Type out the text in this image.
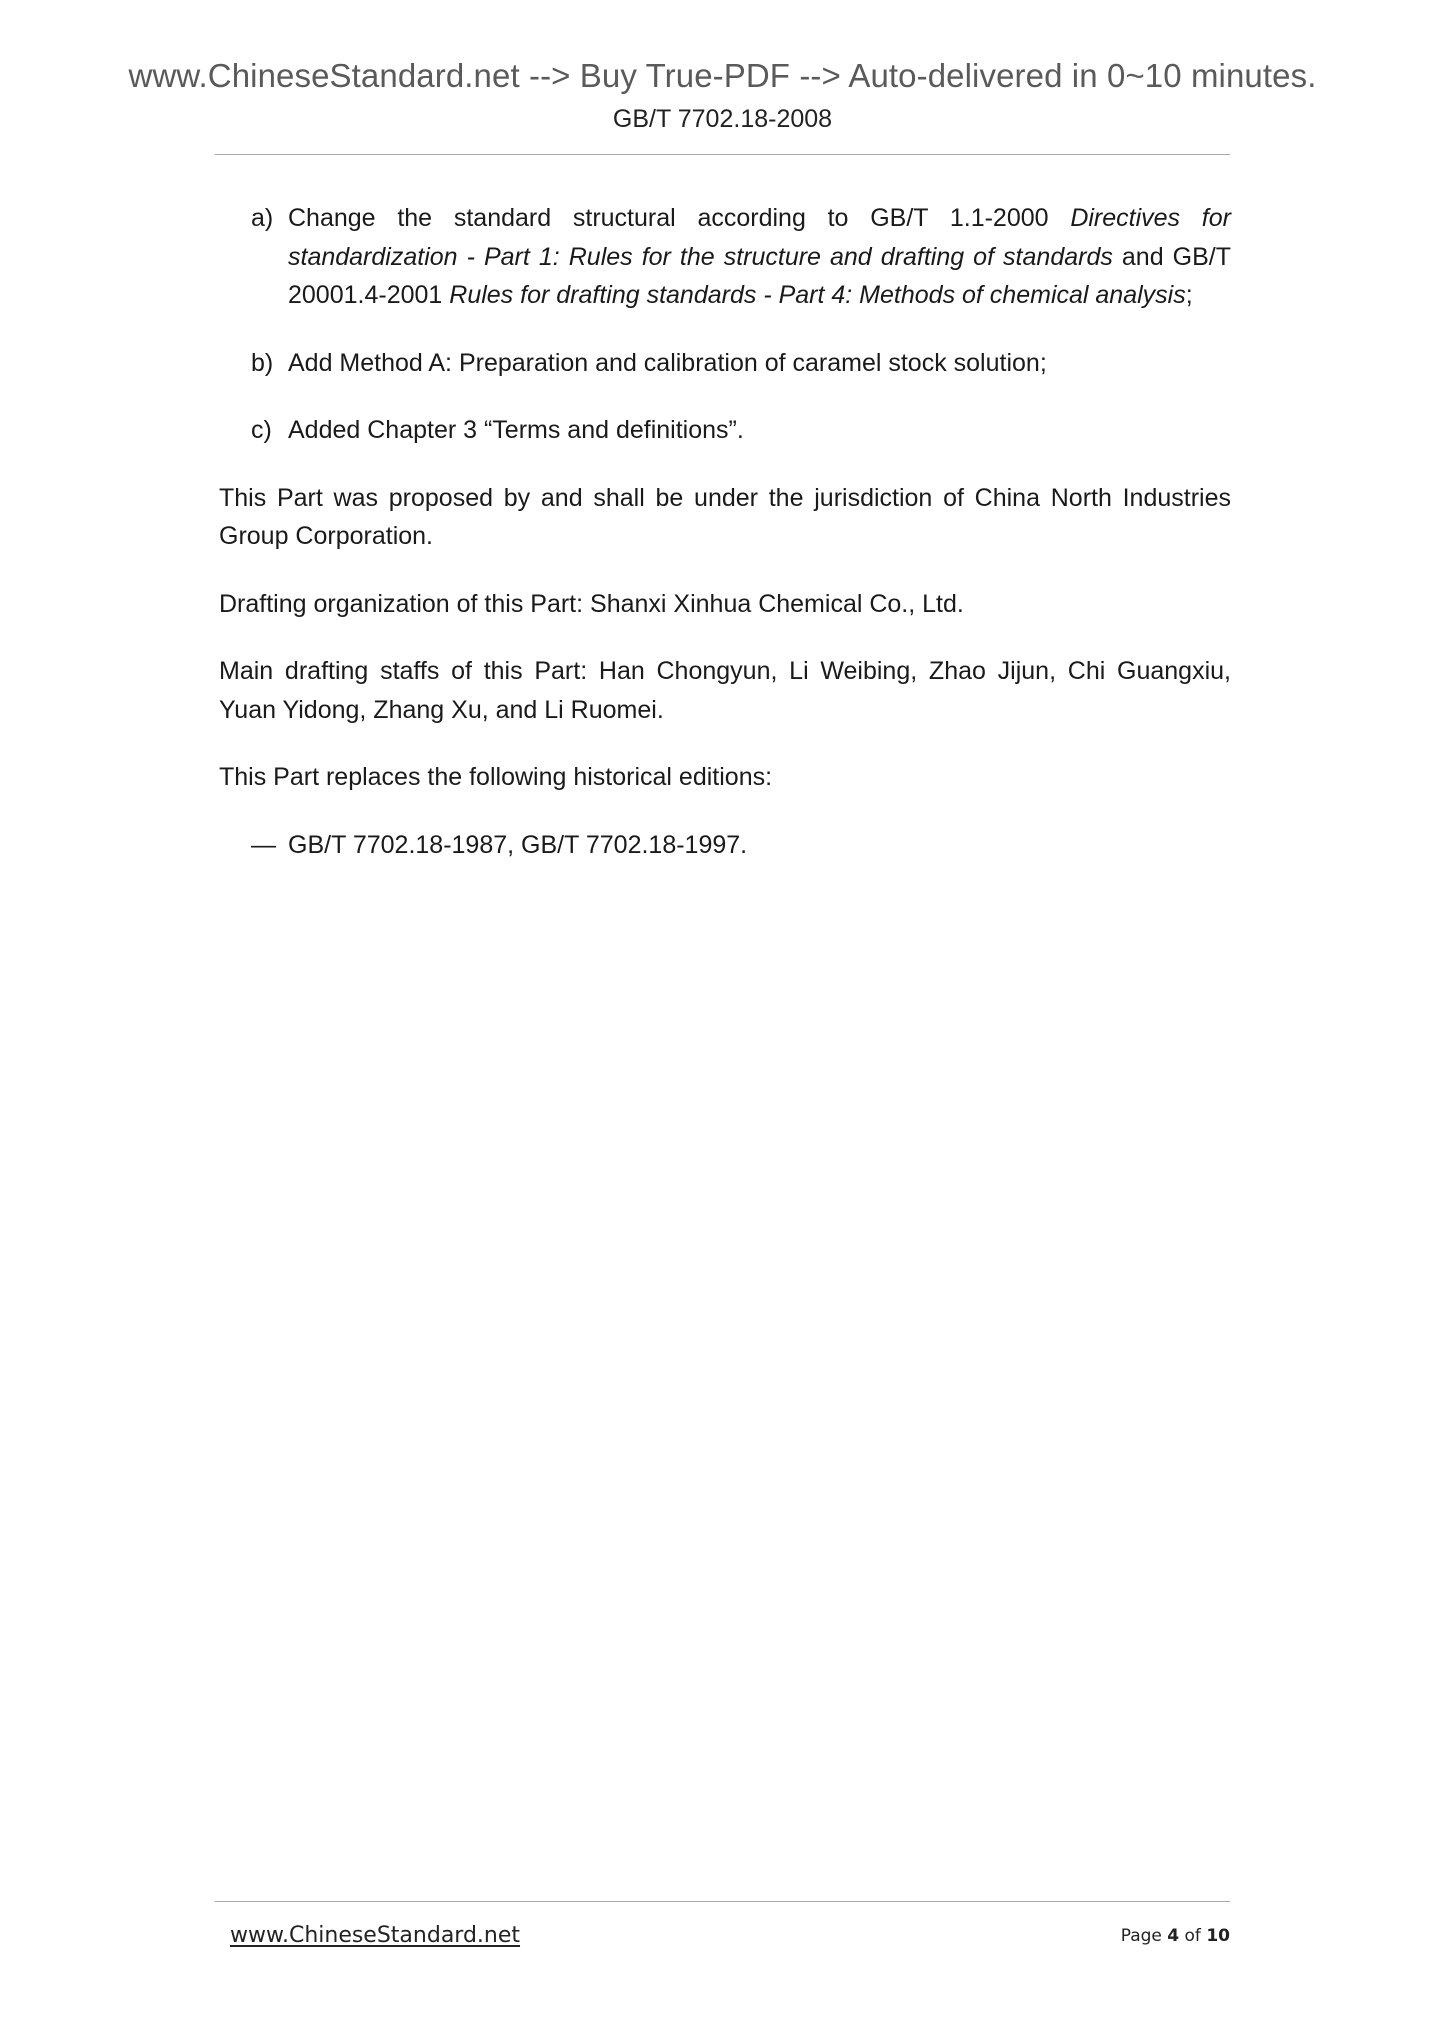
www.ChineseStandard.net --> Buy True-PDF --> Auto-delivered in 0~10 minutes.
GB/T 7702.18-2008
a) Change the standard structural according to GB/T 1.1-2000 Directives for standardization - Part 1: Rules for the structure and drafting of standards and GB/T 20001.4-2001 Rules for drafting standards - Part 4: Methods of chemical analysis;
b) Add Method A: Preparation and calibration of caramel stock solution;
c) Added Chapter 3 “Terms and definitions”.
This Part was proposed by and shall be under the jurisdiction of China North Industries Group Corporation.
Drafting organization of this Part: Shanxi Xinhua Chemical Co., Ltd.
Main drafting staffs of this Part: Han Chongyun, Li Weibing, Zhao Jijun, Chi Guangxiu, Yuan Yidong, Zhang Xu, and Li Ruomei.
This Part replaces the following historical editions:
— GB/T 7702.18-1987, GB/T 7702.18-1997.
www.ChineseStandard.net	Page 4 of 10
